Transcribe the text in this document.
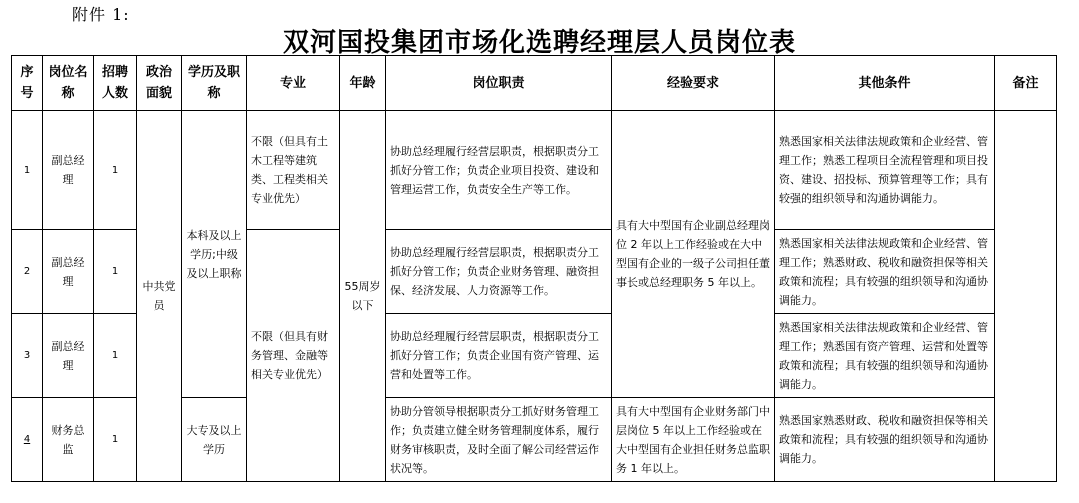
附件 1:
双河国投集团市场化选聘经理层人员岗位表
序号	岗位名称	招聘人数	政治面貌	学历及职称	专业	年龄	岗位职责	经验要求	其他条件	备注
1	副总经理	1	中共党员	本科及以上学历;中级及以上职称	不限（但具有土木工程等建筑类、工程类相关专业优先）	55周岁以下	协助总经理履行经营层职责，根据职责分工抓好分管工作；负责企业项目投资、建设和管理运营工作，负责安全生产等工作。	具有大中型国有企业副总经理岗位 2 年以上工作经验或在大中型国有企业的一级子公司担任董事长或总经理职务 5 年以上。	熟悉国家相关法律法规政策和企业经营、管理工作；熟悉工程项目全流程管理和项目投资、建设、招投标、预算管理等工作；具有较强的组织领导和沟通协调能力。	
2	副总经理	1			不限（但具有财务管理、金融等相关专业优先）		协助总经理履行经营层职责，根据职责分工抓好分管工作；负责企业财务管理、融资担保、经济发展、人力资源等工作。		熟悉国家相关法律法规政策和企业经营、管理工作；熟悉财政、税收和融资担保等相关政策和流程；具有较强的组织领导和沟通协调能力。	
3	副总经理	1					协助总经理履行经营层职责，根据职责分工抓好分管工作；负责企业国有资产管理、运营和处置等工作。		熟悉国家相关法律法规政策和企业经营、管理工作；熟悉国有资产管理、运营和处置等政策和流程；具有较强的组织领导和沟通协调能力。	
4	财务总监	1		大专及以上学历			协助分管领导根据职责分工抓好财务管理工作；负责建立健全财务管理制度体系，履行财务审核职责，及时全面了解公司经营运作状况等。	具有大中型国有企业财务部门中层岗位 5 年以上工作经验或在大中型国有企业担任财务总监职务 1 年以上。	熟悉国家熟悉财政、税收和融资担保等相关政策和流程；具有较强的组织领导和沟通协调能力。	
